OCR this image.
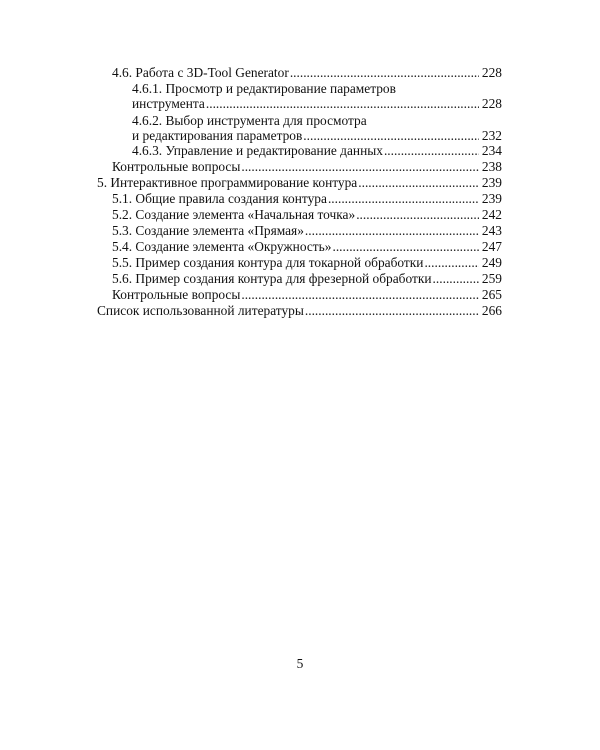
4.6. Работа с 3D-Tool Generator .....	228
4.6.1. Просмотр и редактирование параметров
инструмента .....	228
4.6.2. Выбор инструмента для просмотра
и редактирования параметров .....	232
4.6.3. Управление и редактирование данных .....	234
Контрольные вопросы .....	238
5. Интерактивное программирование контура .....	239
5.1. Общие правила создания контура .....	239
5.2. Создание элемента «Начальная точка» .....	242
5.3. Создание элемента «Прямая» .....	243
5.4. Создание элемента «Окружность» .....	247
5.5. Пример создания контура для токарной обработки .....	249
5.6. Пример создания контура для фрезерной обработки .....	259
Контрольные вопросы .....	265
Список использованной литературы .....	266
5
